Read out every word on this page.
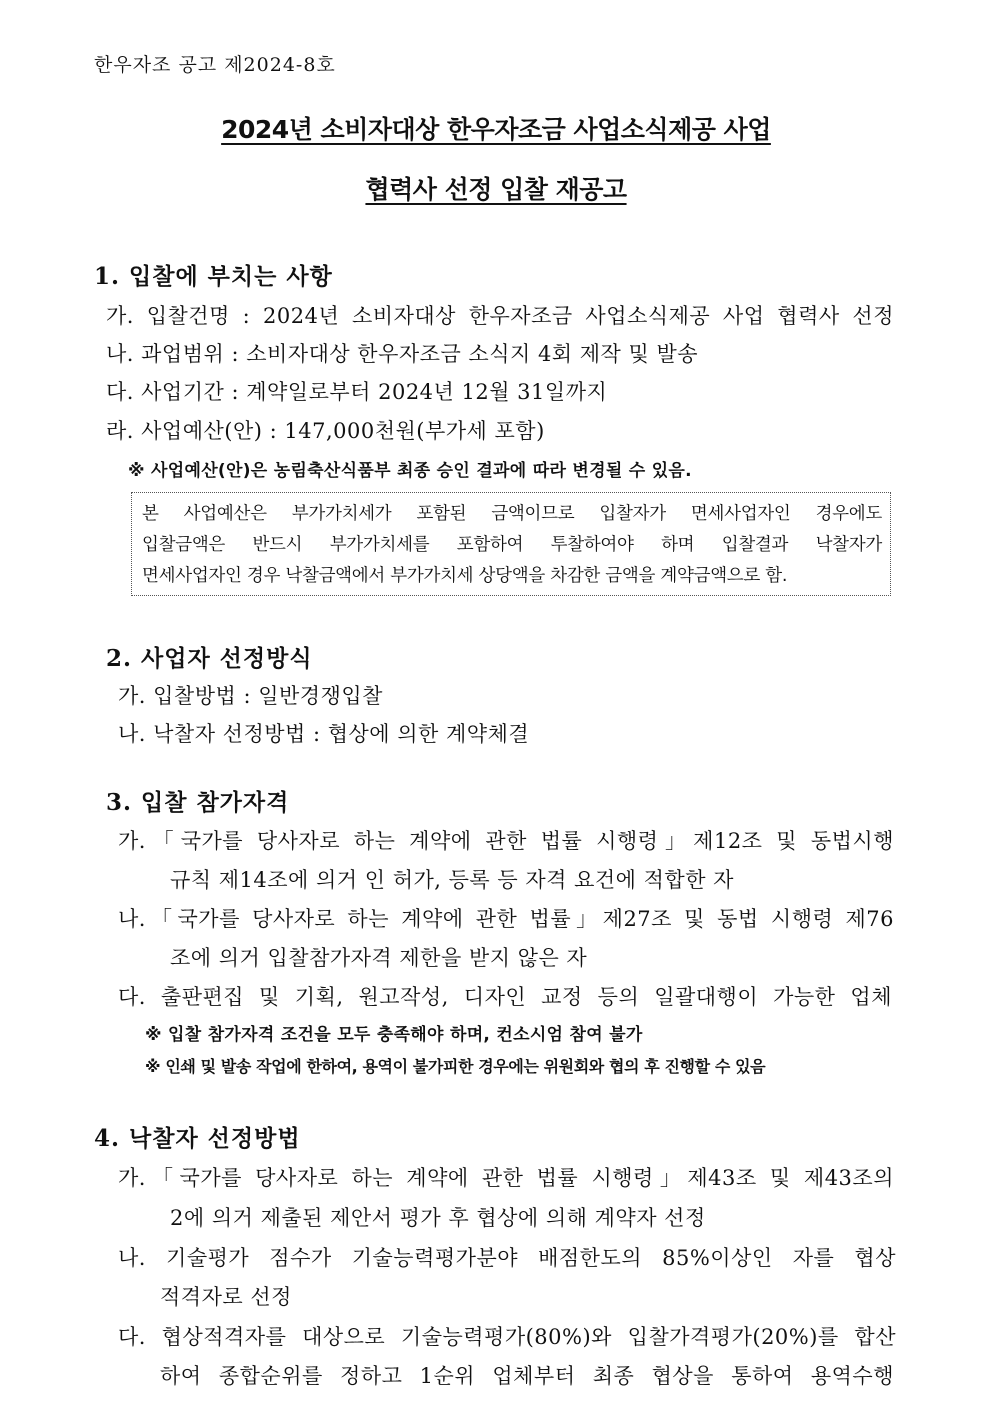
한우자조 공고 제2024-8호
2024년 소비자대상 한우자조금 사업소식제공 사업
협력사 선정 입찰 재공고
1. 입찰에 부치는 사항
가. 입찰건명 : 2024년 소비자대상 한우자조금 사업소식제공 사업 협력사 선정
나. 과업범위 : 소비자대상 한우자조금 소식지 4회 제작 및 발송
다. 사업기간 : 계약일로부터 2024년 12월 31일까지
라. 사업예산(안) : 147,000천원(부가세 포함)
※ 사업예산(안)은 농림축산식품부 최종 승인 결과에 따라 변경될 수 있음.
본 사업예산은 부가가치세가 포함된 금액이므로 입찰자가 면세사업자인 경우에도
입찰금액은 반드시 부가가치세를 포함하여 투찰하여야 하며 입찰결과 낙찰자가
면세사업자인 경우 낙찰금액에서 부가가치세 상당액을 차감한 금액을 계약금액으로 함.
2. 사업자 선정방식
가. 입찰방법 : 일반경쟁입찰
나. 낙찰자 선정방법 : 협상에 의한 계약체결
3. 입찰 참가자격
가.「국가를 당사자로 하는 계약에 관한 법률 시행령」제12조 및 동법시행
규칙 제14조에 의거 인 허가, 등록 등 자격 요건에 적합한 자
나.「국가를 당사자로 하는 계약에 관한 법률」제27조 및 동법 시행령 제76
조에 의거 입찰참가자격 제한을 받지 않은 자
다. 출판편집 및 기획, 원고작성, 디자인 교정 등의 일괄대행이 가능한 업체
※ 입찰 참가자격 조건을 모두 충족해야 하며, 컨소시엄 참여 불가
※ 인쇄 및 발송 작업에 한하여, 용역이 불가피한 경우에는 위원회와 협의 후 진행할 수 있음
4. 낙찰자 선정방법
가.「국가를 당사자로 하는 계약에 관한 법률 시행령」제43조 및 제43조의
2에 의거 제출된 제안서 평가 후 협상에 의해 계약자 선정
나. 기술평가 점수가 기술능력평가분야 배점한도의 85%이상인 자를 협상
적격자로 선정
다. 협상적격자를 대상으로 기술능력평가(80%)와 입찰가격평가(20%)를 합산
하여 종합순위를 정하고 1순위 업체부터 최종 협상을 통하여 용역수행
